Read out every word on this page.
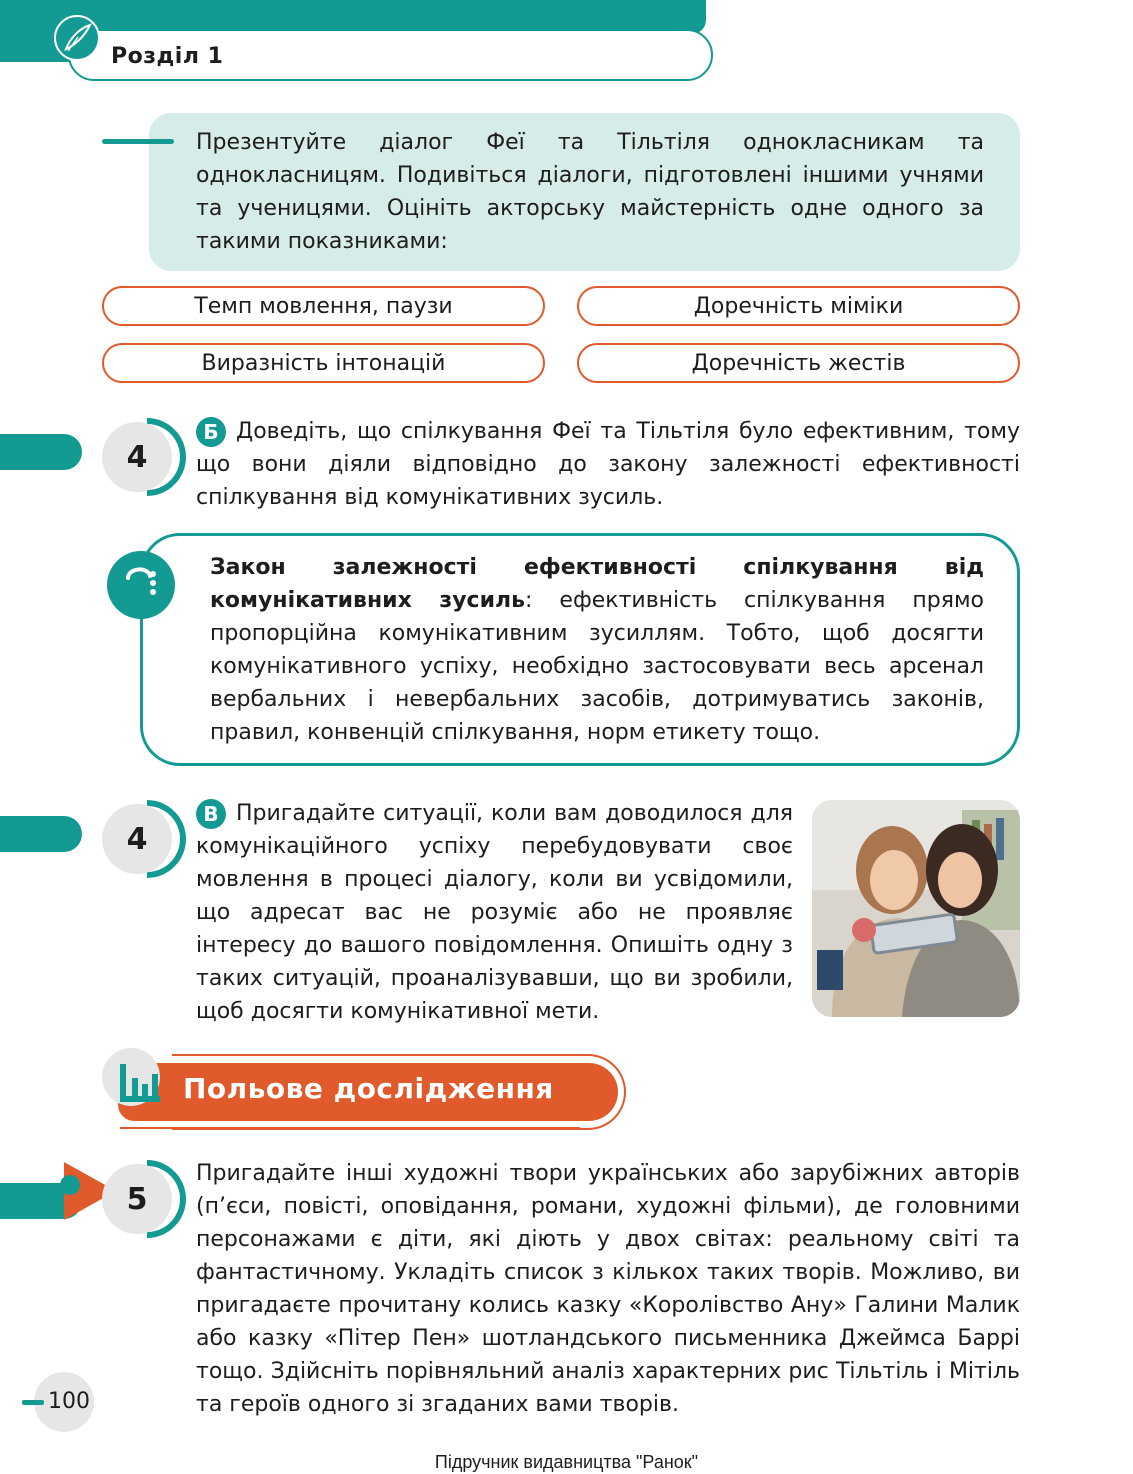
Розділ 1
Презентуйте діалог Феї та Тільтіля однокласникам та однокласницям. Подивіться діалоги, підготовлені іншими учнями та ученицями. Оцініть акторську майстерність одне одного за такими показниками:
Темп мовлення, паузи	Доречність міміки
Виразність інтонацій	Доречність жестів
4
Б Доведіть, що спілкування Феї та Тільтіля було ефективним, тому що вони діяли відповідно до закону залежності ефективності спілкування від комунікативних зусиль.
Закон залежності ефективності спілкування від комунікативних зусиль: ефективність спілкування прямо пропорційна комунікативним зусиллям. Тобто, щоб досягти комунікативного успіху, необхідно застосовувати весь арсенал вербальних і невербальних засобів, дотримуватись законів, правил, конвенцій спілкування, норм етикету тощо.
4
В Пригадайте ситуації, коли вам доводилося для комунікаційного успіху перебудовувати своє мовлення в процесі діалогу, коли ви усвідомили, що адресат вас не розуміє або не проявляє інтересу до вашого повідомлення. Опишіть одну з таких ситуацій, проаналізувавши, що ви зробили, щоб досягти комунікативної мети.
Польове дослідження
5
Пригадайте інші художні твори українських або зарубіжних авторів (п’єси, повісті, оповідання, романи, художні фільми), де головними персонажами є діти, які діють у двох світах: реальному світі та фантастичному. Укладіть список з кількох таких творів. Можливо, ви пригадаєте прочитану колись казку «Королівство Ану» Галини Малик або казку «Пітер Пен» шотландського письменника Джеймса Баррі тощо. Здійсніть порівняльний аналіз характерних рис Тільтіль і Мітіль та героїв одного зі згаданих вами творів.
100
Підручник видавництва "Ранок"
